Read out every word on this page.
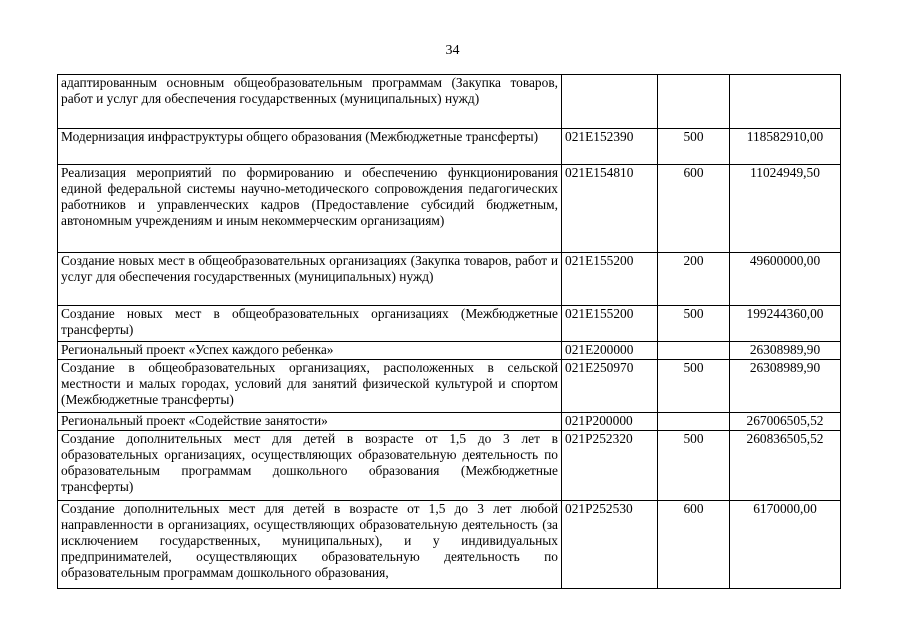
34
адаптированным основным общеобразовательным программам (Закупка товаров, работ и услуг для обеспечения государственных (муниципальных) нужд)			
Модернизация инфраструктуры общего образования (Межбюджетные трансферты)	021E152390	500	118582910,00
Реализация мероприятий по формированию и обеспечению функционирования единой федеральной системы научно-методического сопровождения педагогических работников и управленческих кадров (Предоставление субсидий бюджетным, автономным учреждениям и иным некоммерческим организациям)	021E154810	600	11024949,50
Создание новых мест в общеобразовательных организациях (Закупка товаров, работ и услуг для обеспечения государственных (муниципальных) нужд)	021E155200	200	49600000,00
Создание новых мест в общеобразовательных организациях (Межбюджетные трансферты)	021E155200	500	199244360,00
Региональный проект «Успех каждого ребенка»	021E200000		26308989,90
Создание в общеобразовательных организациях, расположенных в сельской местности и малых городах, условий для занятий физической культурой и спортом (Межбюджетные трансферты)	021E250970	500	26308989,90
Региональный проект «Содействие занятости»	021P200000		267006505,52
Создание дополнительных мест для детей в возрасте от 1,5 до 3 лет в образовательных организациях, осуществляющих образовательную деятельность по образовательным программам дошкольного образования (Межбюджетные трансферты)	021P252320	500	260836505,52
Создание дополнительных мест для детей в возрасте от 1,5 до 3 лет любой направленности в организациях, осуществляющих образовательную деятельность (за исключением государственных, муниципальных), и у индивидуальных предпринимателей, осуществляющих образовательную деятельность по образовательным программам дошкольного образования,	021P252530	600	6170000,00
